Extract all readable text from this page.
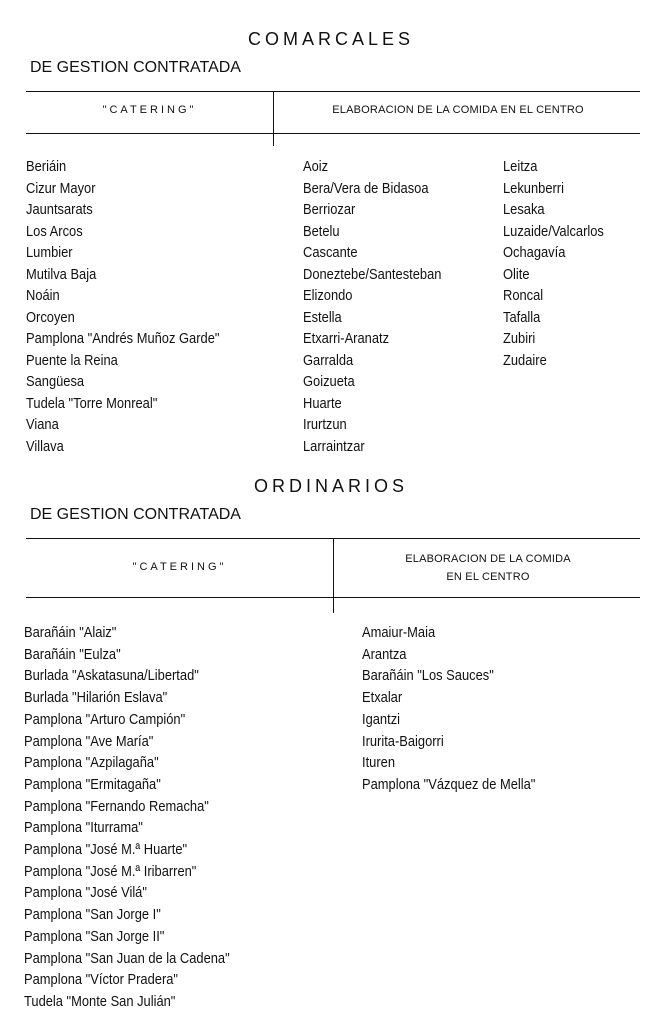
COMARCALES
DE GESTION CONTRATADA
"CATERING"	ELABORACION DE LA COMIDA EN EL CENTRO
Beriáin
Cizur Mayor
Jauntsarats
Los Arcos
Lumbier
Mutilva Baja
Noáin
Orcoyen
Pamplona "Andrés Muñoz Garde"
Puente la Reina
Sangüesa
Tudela "Torre Monreal"
Viana
Villava
Aoiz
Bera/Vera de Bidasoa
Berriozar
Betelu
Cascante
Doneztebe/Santesteban
Elizondo
Estella
Etxarri-Aranatz
Garralda
Goizueta
Huarte
Irurtzun
Larraintzar
Leitza
Lekunberri
Lesaka
Luzaide/Valcarlos
Ochagavía
Olite
Roncal
Tafalla
Zubiri
Zudaire
ORDINARIOS
DE GESTION CONTRATADA
"CATERING"
ELABORACION DE LA COMIDA
EN EL CENTRO
Barañáin "Alaiz"
Barañáin "Eulza"
Burlada "Askatasuna/Libertad"
Burlada "Hilarión Eslava"
Pamplona "Arturo Campión"
Pamplona "Ave María"
Pamplona "Azpilagaña"
Pamplona "Ermitagaña"
Pamplona "Fernando Remacha"
Pamplona "Iturrama"
Pamplona "José M.ª Huarte"
Pamplona "José M.ª Iribarren"
Pamplona "José Vilá"
Pamplona "San Jorge I"
Pamplona "San Jorge II"
Pamplona "San Juan de la Cadena"
Pamplona "Víctor Pradera"
Tudela "Monte San Julián"
Amaiur-Maia
Arantza
Barañáin "Los Sauces"
Etxalar
Igantzi
Irurita-Baigorri
Ituren
Pamplona "Vázquez de Mella"
